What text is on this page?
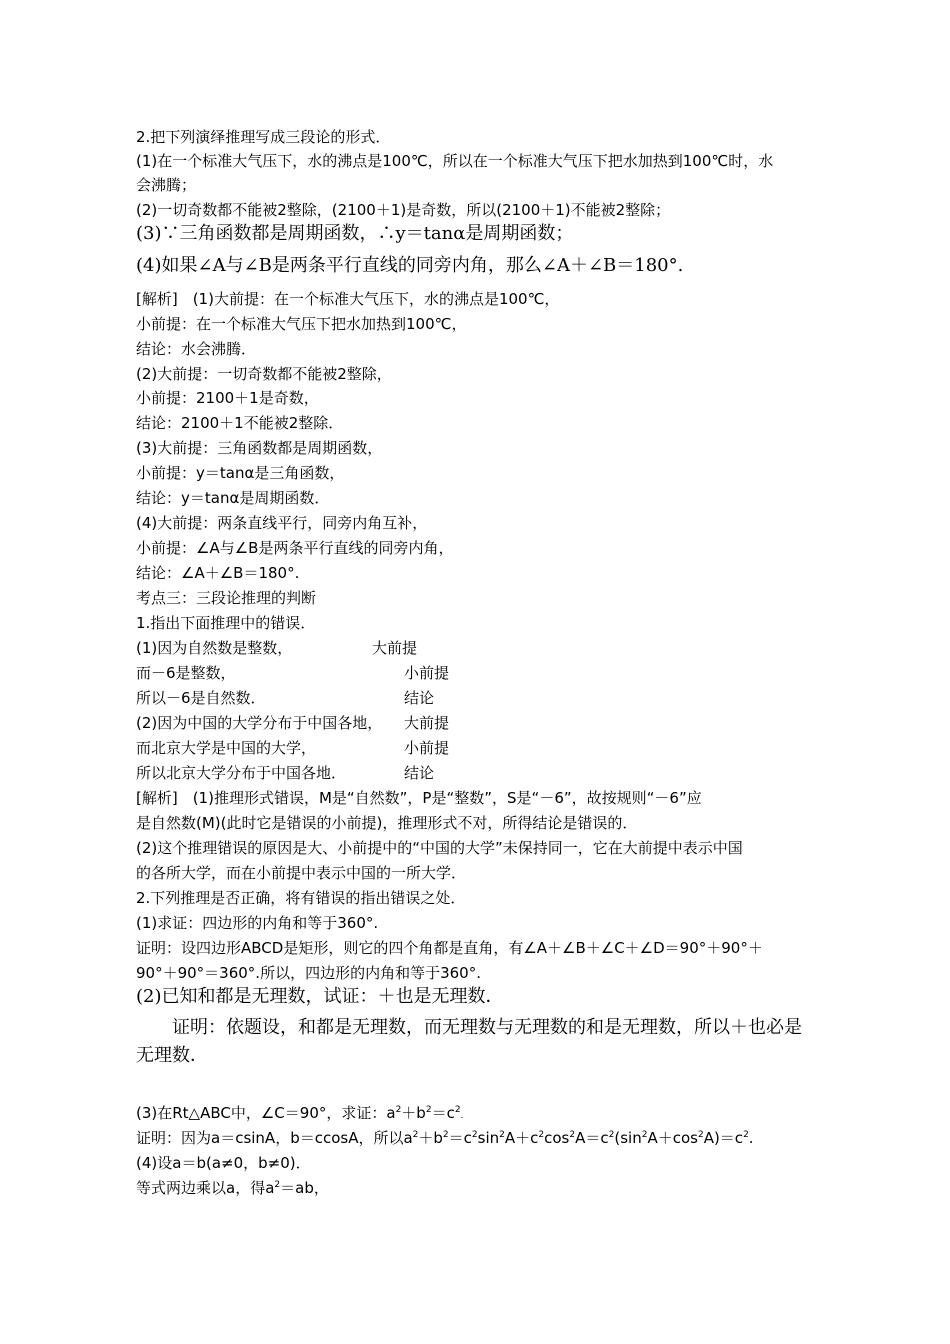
2.把下列演绎推理写成三段论的形式．
(1)在一个标准大气压下，水的沸点是100℃，所以在一个标准大气压下把水加热到100℃时，水
会沸腾；
(2)一切奇数都不能被2整除，(2100＋1)是奇数，所以(2100＋1)不能被2整除；
(3)∵三角函数都是周期函数，∴y＝tanα是周期函数；
(4)如果∠A与∠B是两条平行直线的同旁内角，那么∠A＋∠B＝180°.
[解析]　(1)大前提：在一个标准大气压下，水的沸点是100℃，
小前提：在一个标准大气压下把水加热到100℃，
结论：水会沸腾．
(2)大前提：一切奇数都不能被2整除，
小前提：2100＋1是奇数，
结论：2100＋1不能被2整除．
(3)大前提：三角函数都是周期函数，
小前提：y＝tanα是三角函数，
结论：y＝tanα是周期函数．
(4)大前提：两条直线平行，同旁内角互补，
小前提：∠A与∠B是两条平行直线的同旁内角，
结论：∠A＋∠B＝180°.
考点三：三段论推理的判断
1.指出下面推理中的错误．
(1)因为自然数是整数，	大前提
而－6是整数，	小前提
所以－6是自然数．	结论
(2)因为中国的大学分布于中国各地， 大前提
而北京大学是中国的大学，	小前提
所以北京大学分布于中国各地．	结论
[解析]　(1)推理形式错误，M是“自然数”，P是“整数”，S是“－6”，故按规则“－6”应
是自然数(M)(此时它是错误的小前提)，推理形式不对，所得结论是错误的．
(2)这个推理错误的原因是大、小前提中的“中国的大学”未保持同一，它在大前提中表示中国
的各所大学，而在小前提中表示中国的一所大学．
2.下列推理是否正确，将有错误的指出错误之处．
(1)求证：四边形的内角和等于360°.
证明：设四边形ABCD是矩形，则它的四个角都是直角，有∠A＋∠B＋∠C＋∠D＝90°＋90°＋
90°＋90°＝360°.所以，四边形的内角和等于360°.
(2)已知和都是无理数，试证：＋也是无理数．
证明：依题设，和都是无理数，而无理数与无理数的和是无理数，所以＋也必是
无理数．
(3)在Rt△ABC中，∠C＝90°，求证：$a^2+b^2=c^2$.
证明：因为a＝csinA，b＝ccosA，所以$a^2+b^2=c^2\sin^2A+c^2\cos^2A=c^2(\sin^2A+\cos^2A)=c^2$.
(4)设a＝b(a≠0，b≠0)．
等式两边乘以a，得$a^2=ab$，
